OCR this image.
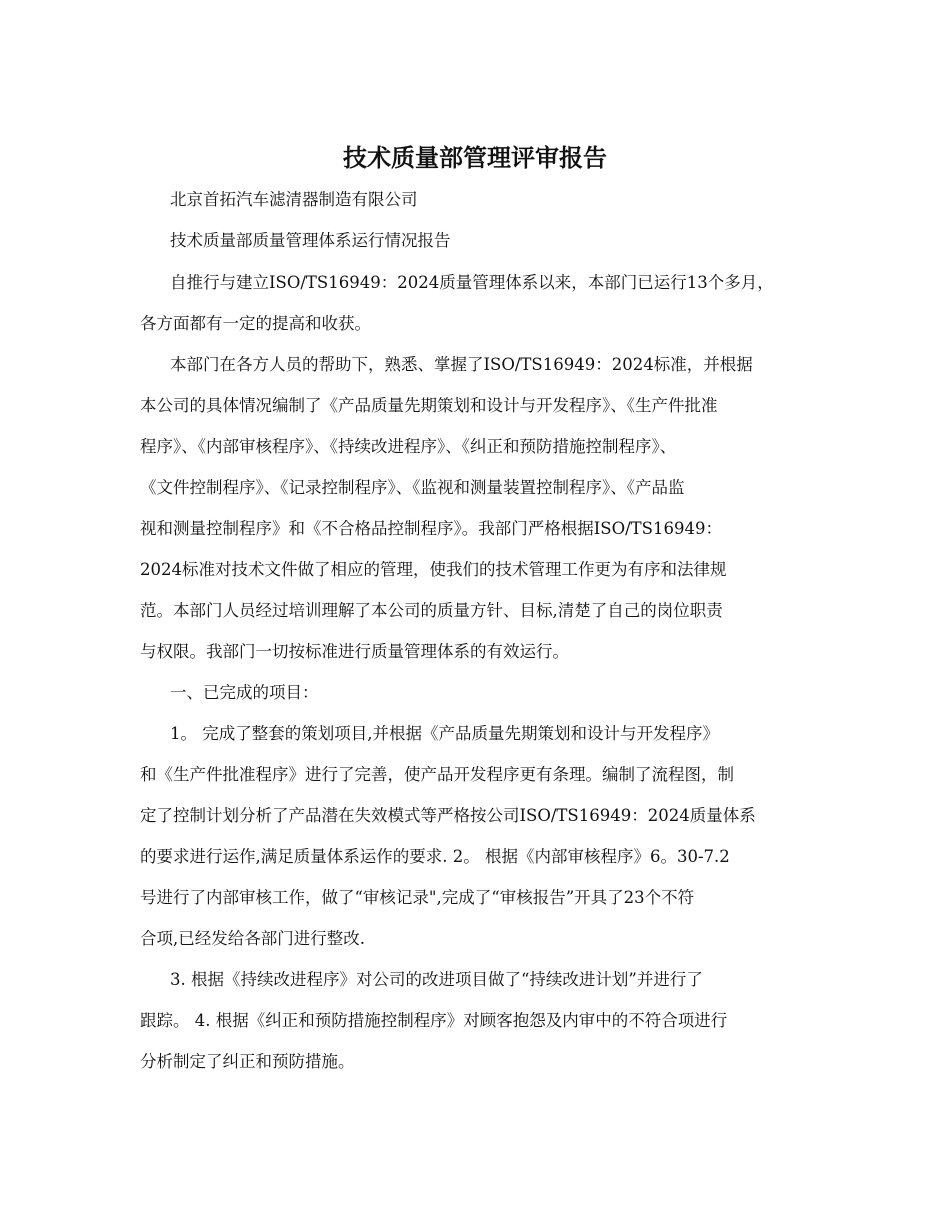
技术质量部管理评审报告

北京首拓汽车滤清器制造有限公司

技术质量部质量管理体系运行情况报告

自推行与建立ISO/TS16949：2024质量管理体系以来，本部门已运行13个多月，

各方面都有一定的提高和收获。

本部门在各方人员的帮助下，熟悉、掌握了ISO/TS16949：2024标准，并根据

本公司的具体情况编制了《产品质量先期策划和设计与开发程序》、《生产件批准

程序》、《内部审核程序》、《持续改进程序》、《纠正和预防措施控制程序》、

《文件控制程序》、《记录控制程序》、《监视和测量装置控制程序》、《产品监

视和测量控制程序》和《不合格品控制程序》。我部门严格根据ISO/TS16949：

2024标准对技术文件做了相应的管理，使我们的技术管理工作更为有序和法律规

范。本部门人员经过培训理解了本公司的质量方针、目标,清楚了自己的岗位职责

与权限。我部门一切按标准进行质量管理体系的有效运行。

一、已完成的项目：

1。 完成了整套的策划项目,并根据《产品质量先期策划和设计与开发程序》

和《生产件批准程序》进行了完善，使产品开发程序更有条理。编制了流程图，制

定了控制计划分析了产品潜在失效模式等严格按公司ISO/TS16949：2024质量体系

的要求进行运作,满足质量体系运作的要求. 2。 根据《内部审核程序》6。30-7.2

号进行了内部审核工作，做了“审核记录",完成了“审核报告”开具了23个不符

合项,已经发给各部门进行整改.

3. 根据《持续改进程序》对公司的改进项目做了“持续改进计划”并进行了

跟踪。 4. 根据《纠正和预防措施控制程序》对顾客抱怨及内审中的不符合项进行

分析制定了纠正和预防措施。
